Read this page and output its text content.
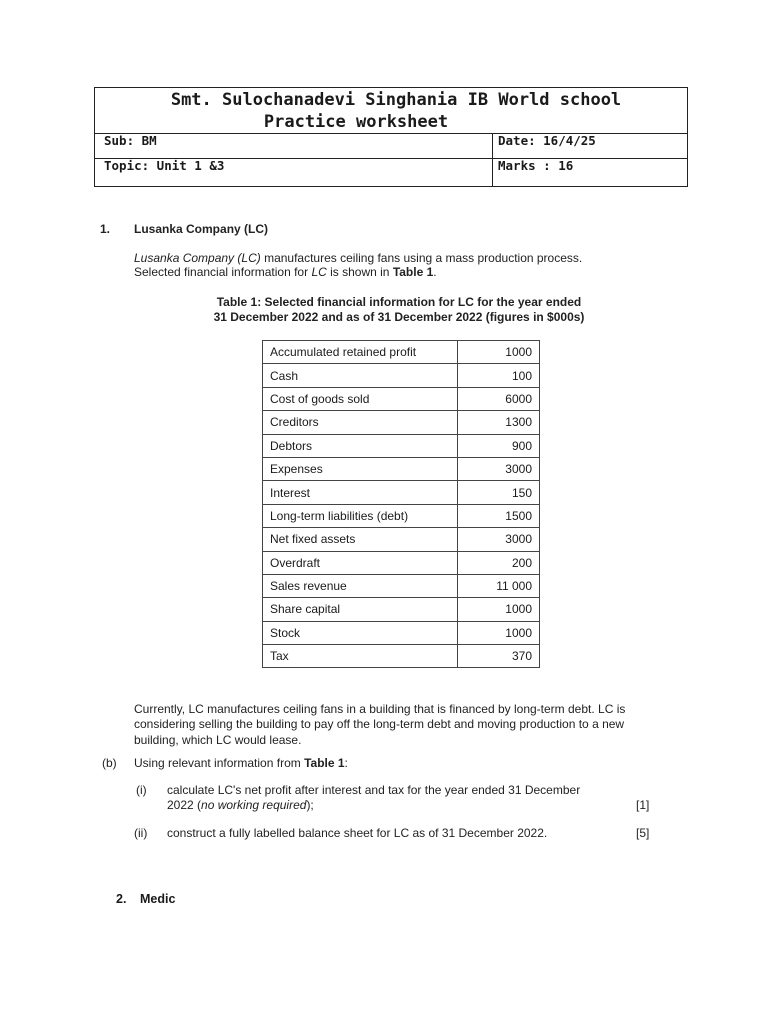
Smt. Sulochanadevi Singhania IB World school
Practice worksheet
Sub: BM	Date: 16/4/25
Topic: Unit 1 &3	Marks : 16
1. Lusanka Company (LC)
Lusanka Company (LC) manufactures ceiling fans using a mass production process.
Selected financial information for LC is shown in Table 1.
Table 1: Selected financial information for LC for the year ended
31 December 2022 and as of 31 December 2022 (figures in $000s)
Accumulated retained profit	1000
Cash	100
Cost of goods sold	6000
Creditors	1300
Debtors	900
Expenses	3000
Interest	150
Long-term liabilities (debt)	1500
Net fixed assets	3000
Overdraft	200
Sales revenue	11 000
Share capital	1000
Stock	1000
Tax	370
Currently, LC manufactures ceiling fans in a building that is financed by long-term debt. LC is
considering selling the building to pay off the long-term debt and moving production to a new
building, which LC would lease.
(b) Using relevant information from Table 1:
(i) calculate LC's net profit after interest and tax for the year ended 31 December
2022 (no working required);	[1]
(ii) construct a fully labelled balance sheet for LC as of 31 December 2022.	[5]
2. Medic
